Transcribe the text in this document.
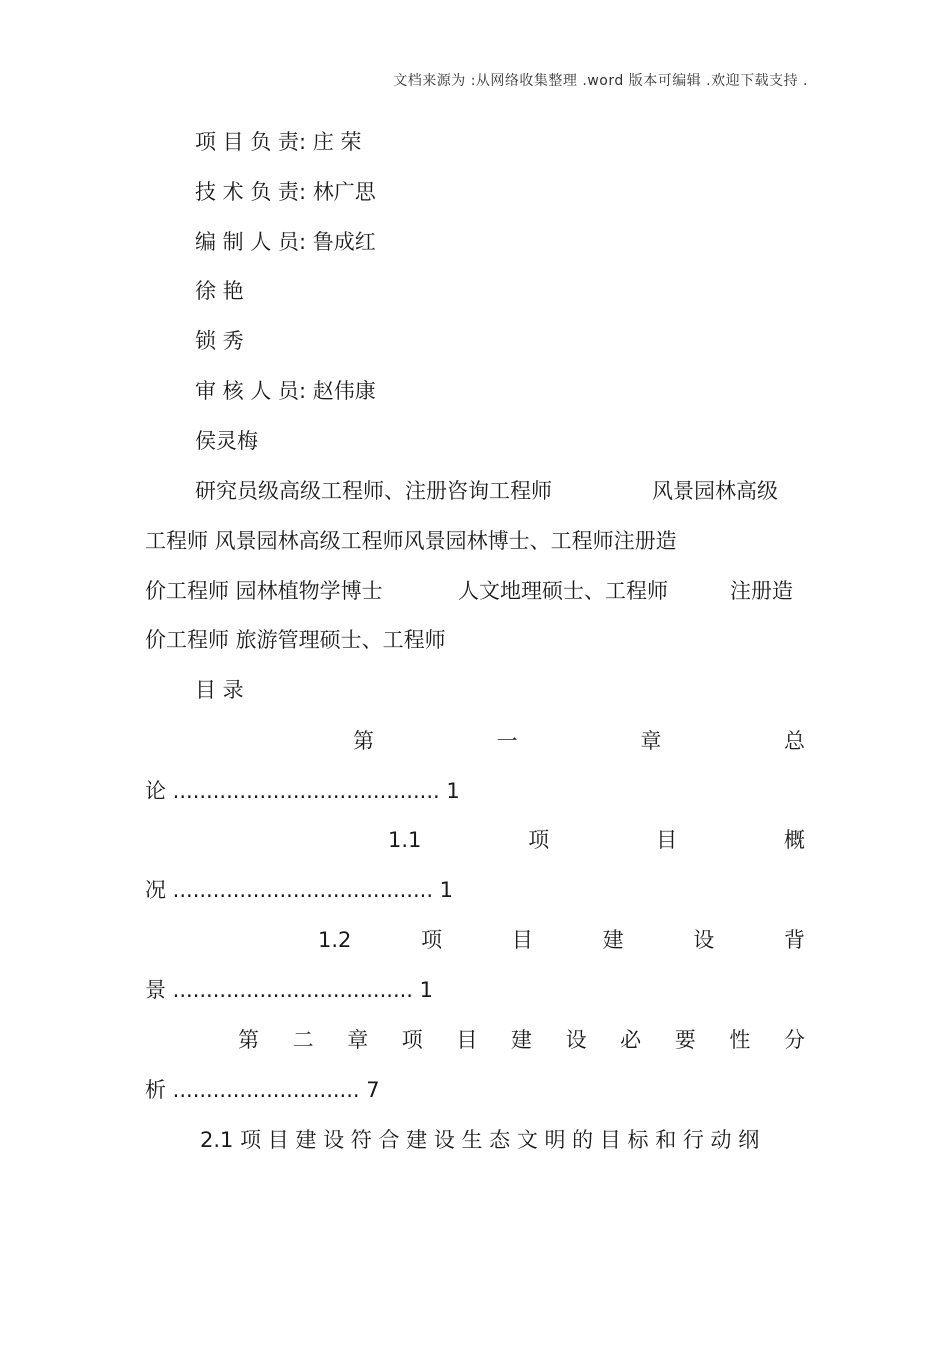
文档来源为 :从网络收集整理 .word 版本可编辑 .欢迎下载支持 .
项 目 负 责: 庄 荣
技 术 负 责: 林广思
编 制 人 员: 鲁成红
徐 艳
锁 秀
审 核 人 员: 赵伟康
侯灵梅
研究员级高级工程师、注册咨询工程师	风景园林高级
工程师 风景园林高级工程师风景园林博士、工程师注册造
价工程师 园林植物学博士	人文地理硕士、工程师	注册造
价工程师 旅游管理硕士、工程师
目 录
第	一	章	总
论 ........................................ 1
1.1	项	目	概
况 ....................................... 1
1.2	项	目	建	设	背
景 .................................... 1
第 二 章 项 目 建 设 必 要 性 分
析 ............................ 7
2.1 项 目 建 设 符 合 建 设 生 态 文 明 的 目 标 和 行 动 纲
